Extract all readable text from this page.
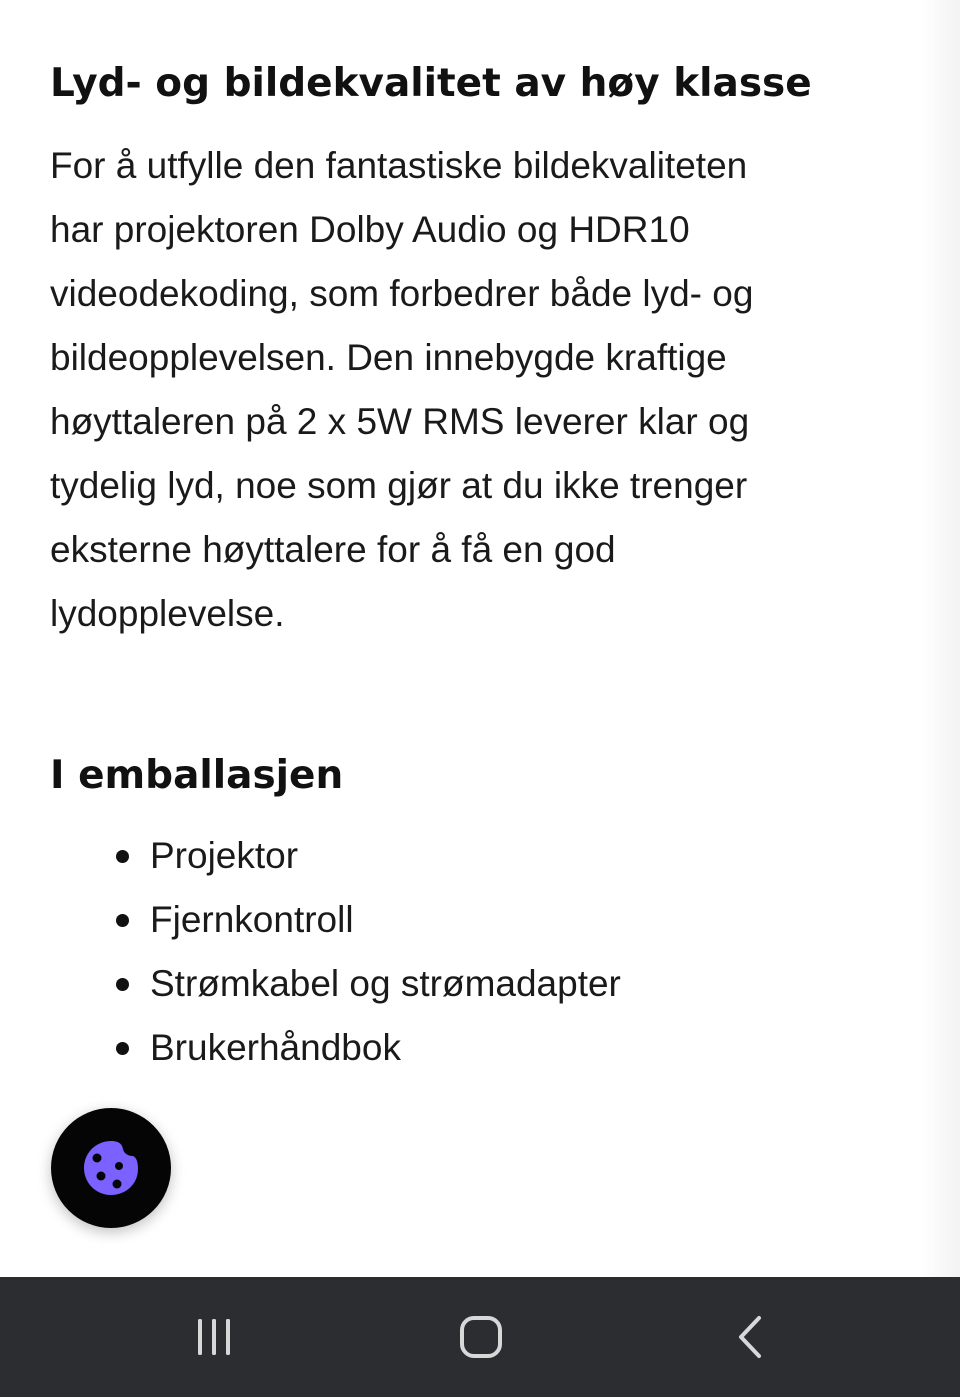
Lyd- og bildekvalitet av høy klasse

For å utfylle den fantastiske bildekvaliteten
har projektoren Dolby Audio og HDR10
videodekoding, som forbedrer både lyd- og
bildeopplevelsen. Den innebygde kraftige
høyttaleren på 2 x 5W RMS leverer klar og
tydelig lyd, noe som gjør at du ikke trenger
eksterne høyttalere for å få en god
lydopplevelse.

I emballasjen
Projektor
Fjernkontroll
Strømkabel og strømadapter
Brukerhåndbok
